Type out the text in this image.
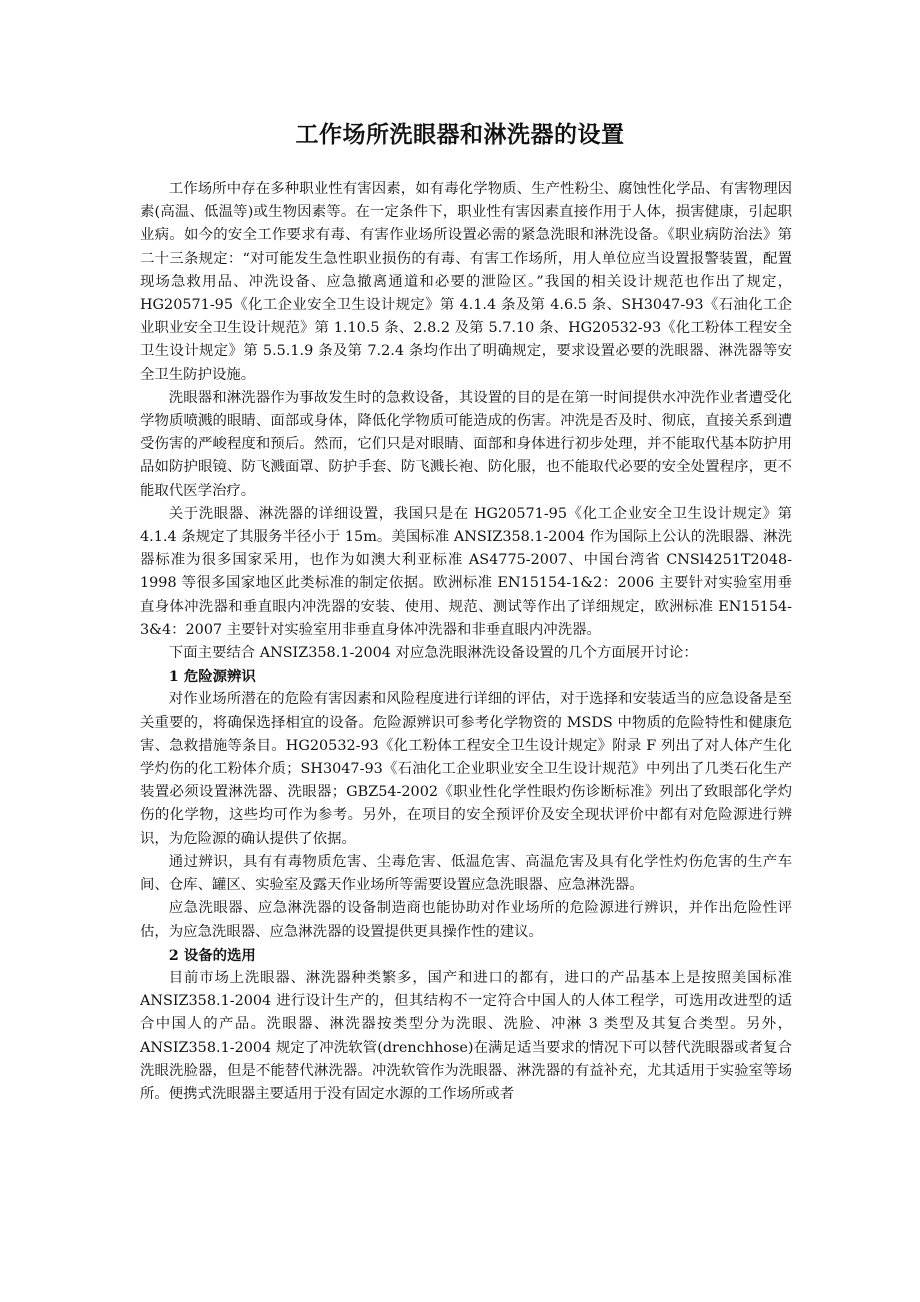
工作场所洗眼器和淋洗器的设置

工作场所中存在多种职业性有害因素，如有毒化学物质、生产性粉尘、腐蚀性化学品、有害物理因素(高温、低温等)或生物因素等。在一定条件下，职业性有害因素直接作用于人体，损害健康，引起职业病。如今的安全工作要求有毒、有害作业场所设置必需的紧急洗眼和淋洗设备。《职业病防治法》第二十三条规定：“对可能发生急性职业损伤的有毒、有害工作场所，用人单位应当设置报警装置，配置现场急救用品、冲洗设备、应急撤离通道和必要的泄险区。”我国的相关设计规范也作出了规定，HG20571-95《化工企业安全卫生设计规定》第 4.1.4 条及第 4.6.5 条、SH3047-93《石油化工企业职业安全卫生设计规范》第 1.10.5 条、2.8.2 及第 5.7.10 条、HG20532-93《化工粉体工程安全卫生设计规定》第 5.5.1.9 条及第 7.2.4 条均作出了明确规定，要求设置必要的洗眼器、淋洗器等安全卫生防护设施。

洗眼器和淋洗器作为事故发生时的急救设备，其设置的目的是在第一时间提供水冲洗作业者遭受化学物质喷溅的眼睛、面部或身体，降低化学物质可能造成的伤害。冲洗是否及时、彻底，直接关系到遭受伤害的严峻程度和预后。然而，它们只是对眼睛、面部和身体进行初步处理，并不能取代基本防护用品如防护眼镜、防飞溅面罩、防护手套、防飞溅长袍、防化服，也不能取代必要的安全处置程序，更不能取代医学治疗。

关于洗眼器、淋洗器的详细设置，我国只是在 HG20571-95《化工企业安全卫生设计规定》第 4.1.4 条规定了其服务半径小于 15m。美国标准 ANSIZ358.1-2004 作为国际上公认的洗眼器、淋洗器标准为很多国家采用，也作为如澳大利亚标准 AS4775-2007、中国台湾省 CNSl4251T2048-1998 等很多国家地区此类标准的制定依据。欧洲标准 EN15154-1&2：2006 主要针对实验室用垂直身体冲洗器和垂直眼内冲洗器的安装、使用、规范、测试等作出了详细规定，欧洲标准 EN15154-3&4：2007 主要针对实验室用非垂直身体冲洗器和非垂直眼内冲洗器。

下面主要结合 ANSIZ358.1-2004 对应急洗眼淋洗设备设置的几个方面展开讨论：

1 危险源辨识

对作业场所潜在的危险有害因素和风险程度进行详细的评估，对于选择和安装适当的应急设备是至关重要的，将确保选择相宜的设备。危险源辨识可参考化学物资的 MSDS 中物质的危险特性和健康危害、急救措施等条目。HG20532-93《化工粉体工程安全卫生设计规定》附录 F 列出了对人体产生化学灼伤的化工粉体介质；SH3047-93《石油化工企业职业安全卫生设计规范》中列出了几类石化生产装置必须设置淋洗器、洗眼器；GBZ54-2002《职业性化学性眼灼伤诊断标准》列出了致眼部化学灼伤的化学物，这些均可作为参考。另外，在项目的安全预评价及安全现状评价中都有对危险源进行辨识，为危险源的确认提供了依据。

通过辨识，具有有毒物质危害、尘毒危害、低温危害、高温危害及具有化学性灼伤危害的生产车间、仓库、罐区、实验室及露天作业场所等需要设置应急洗眼器、应急淋洗器。

应急洗眼器、应急淋洗器的设备制造商也能协助对作业场所的危险源进行辨识，并作出危险性评估，为应急洗眼器、应急淋洗器的设置提供更具操作性的建议。

2 设备的选用

目前市场上洗眼器、淋洗器种类繁多，国产和进口的都有，进口的产品基本上是按照美国标准 ANSIZ358.1-2004 进行设计生产的，但其结构不一定符合中国人的人体工程学，可选用改进型的适合中国人的产品。洗眼器、淋洗器按类型分为洗眼、洗脸、冲淋 3 类型及其复合类型。另外，ANSIZ358.1-2004 规定了冲洗软管(drenchhose)在满足适当要求的情况下可以替代洗眼器或者复合洗眼洗脸器，但是不能替代淋洗器。冲洗软管作为洗眼器、淋洗器的有益补充，尤其适用于实验室等场所。便携式洗眼器主要适用于没有固定水源的工作场所或者
